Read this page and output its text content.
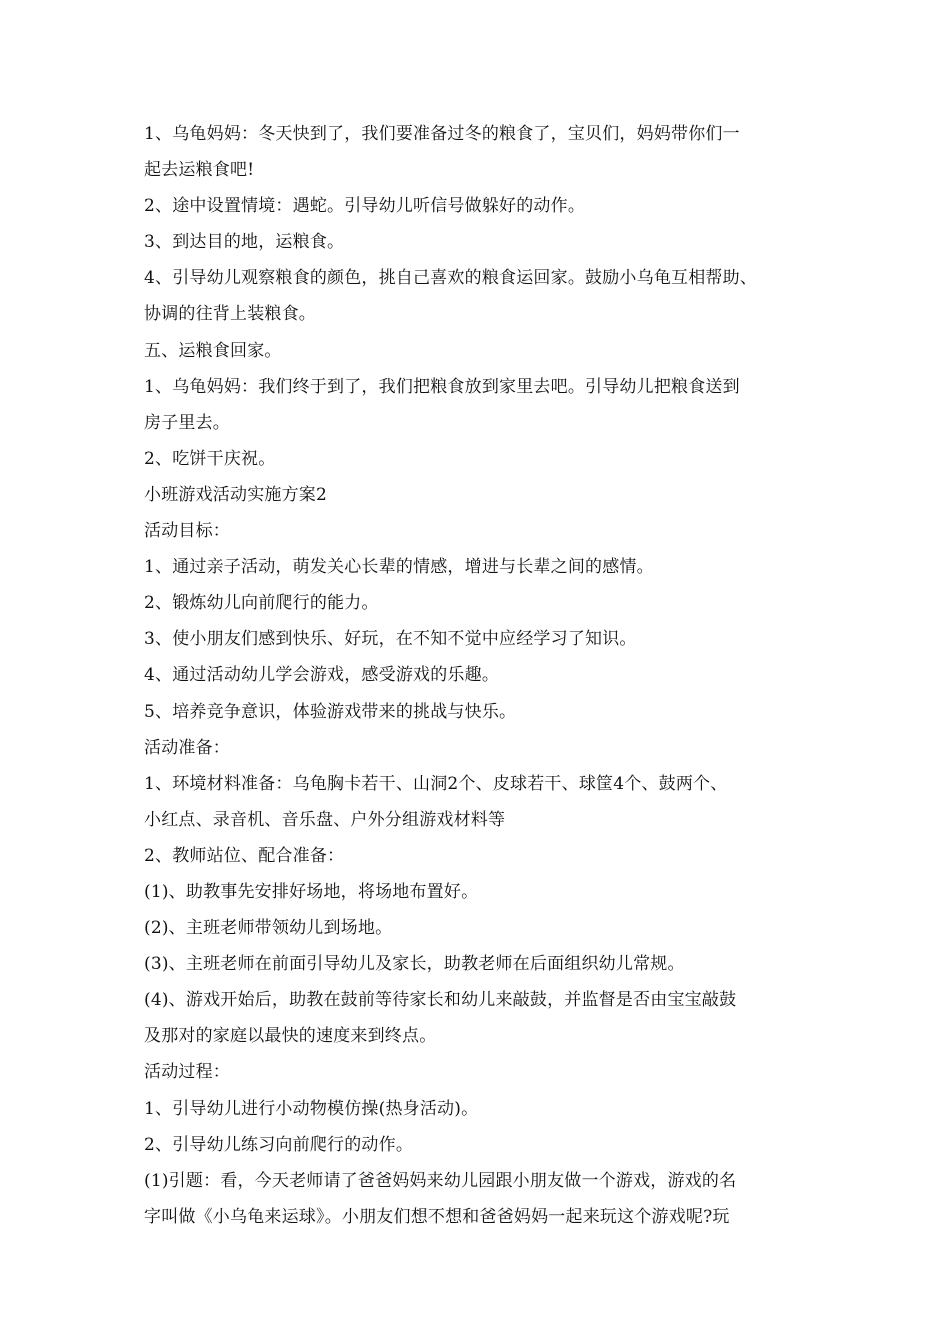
1、乌龟妈妈：冬天快到了，我们要准备过冬的粮食了，宝贝们，妈妈带你们一
起去运粮食吧!
2、途中设置情境：遇蛇。引导幼儿听信号做躲好的动作。
3、到达目的地，运粮食。
4、引导幼儿观察粮食的颜色，挑自己喜欢的粮食运回家。鼓励小乌龟互相帮助、
协调的往背上装粮食。
五、运粮食回家。
1、乌龟妈妈：我们终于到了，我们把粮食放到家里去吧。引导幼儿把粮食送到
房子里去。
2、吃饼干庆祝。
小班游戏活动实施方案2
活动目标：
1、通过亲子活动，萌发关心长辈的情感，增进与长辈之间的感情。
2、锻炼幼儿向前爬行的能力。
3、使小朋友们感到快乐、好玩，在不知不觉中应经学习了知识。
4、通过活动幼儿学会游戏，感受游戏的乐趣。
5、培养竞争意识，体验游戏带来的挑战与快乐。
活动准备：
1、环境材料准备：乌龟胸卡若干、山洞2个、皮球若干、球筐4个、鼓两个、
小红点、录音机、音乐盘、户外分组游戏材料等
2、教师站位、配合准备：
(1)、助教事先安排好场地，将场地布置好。
(2)、主班老师带领幼儿到场地。
(3)、主班老师在前面引导幼儿及家长，助教老师在后面组织幼儿常规。
(4)、游戏开始后，助教在鼓前等待家长和幼儿来敲鼓，并监督是否由宝宝敲鼓
及那对的家庭以最快的速度来到终点。
活动过程：
1、引导幼儿进行小动物模仿操(热身活动)。
2、引导幼儿练习向前爬行的动作。
(1)引题：看，今天老师请了爸爸妈妈来幼儿园跟小朋友做一个游戏，游戏的名
字叫做《小乌龟来运球》。小朋友们想不想和爸爸妈妈一起来玩这个游戏呢?玩
